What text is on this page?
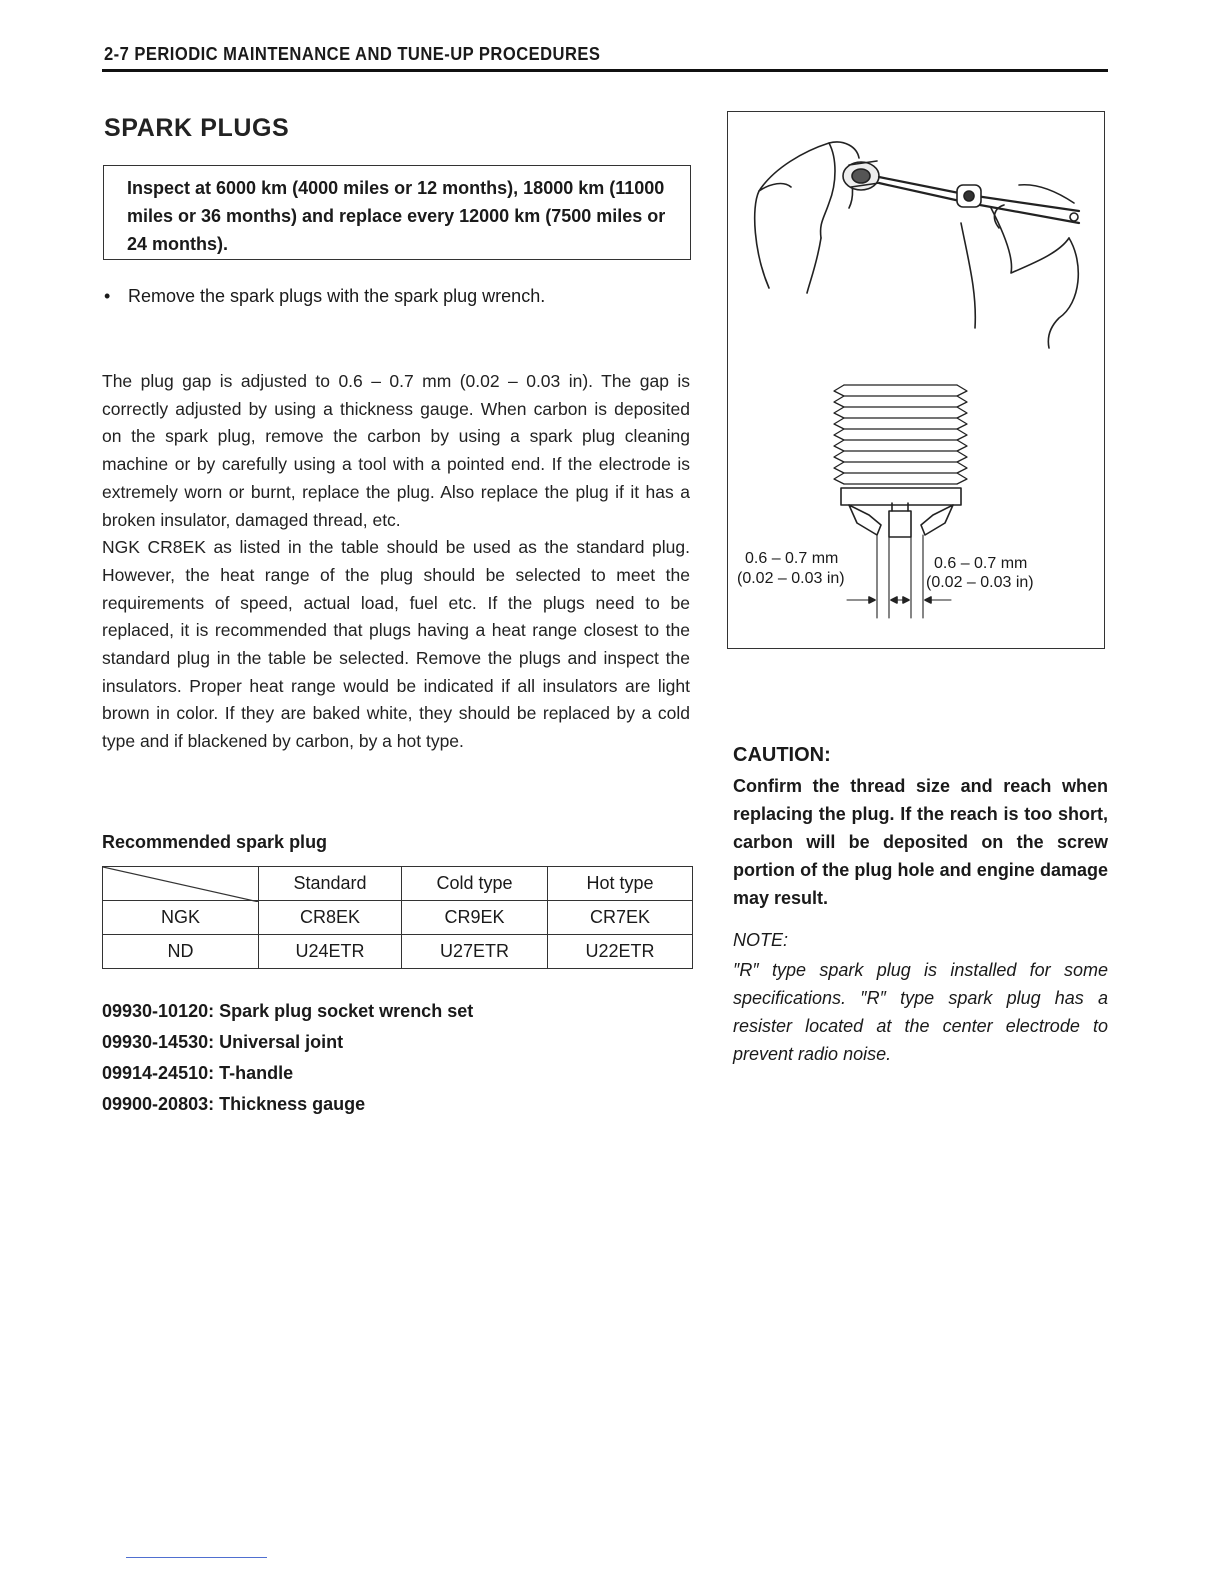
2-7 PERIODIC MAINTENANCE AND TUNE-UP PROCEDURES
SPARK PLUGS
Inspect at 6000 km (4000 miles or 12 months), 18000 km (11000 miles or 36 months) and replace every 12000 km (7500 miles or 24 months).
• Remove the spark plugs with the spark plug wrench.

The plug gap is adjusted to 0.6 – 0.7 mm (0.02 – 0.03 in). The gap is correctly adjusted by using a thickness gauge. When carbon is deposited on the spark plug, remove the carbon by using a spark plug cleaning machine or by carefully using a tool with a pointed end. If the electrode is extremely worn or burnt, replace the plug. Also replace the plug if it has a broken insulator, damaged thread, etc.

NGK CR8EK as listed in the table should be used as the standard plug. However, the heat range of the plug should be selected to meet the requirements of speed, actual load, fuel etc. If the plugs need to be replaced, it is recommended that plugs having a heat range closest to the standard plug in the table be selected. Remove the plugs and inspect the insulators. Proper heat range would be indicated if all insulators are light brown in color. If they are baked white, they should be replaced by a cold type and if blackened by carbon, by a hot type.

Recommended spark plug
	Standard	Cold type	Hot type
NGK	CR8EK	CR9EK	CR7EK
ND	U24ETR	U27ETR	U22ETR
09930-10120: Spark plug socket wrench set
09930-14530: Universal joint
09914-24510: T-handle
09900-20803: Thickness gauge
0.6 – 0.7 mm
(0.02 – 0.03 in)
0.6 – 0.7 mm
(0.02 – 0.03 in)
CAUTION:
Confirm the thread size and reach when replacing the plug. If the reach is too short, carbon will be deposited on the screw portion of the plug hole and engine damage may result.
NOTE:
″R″ type spark plug is installed for some specifications. ″R″ type spark plug has a resister located at the center electrode to prevent radio noise.
